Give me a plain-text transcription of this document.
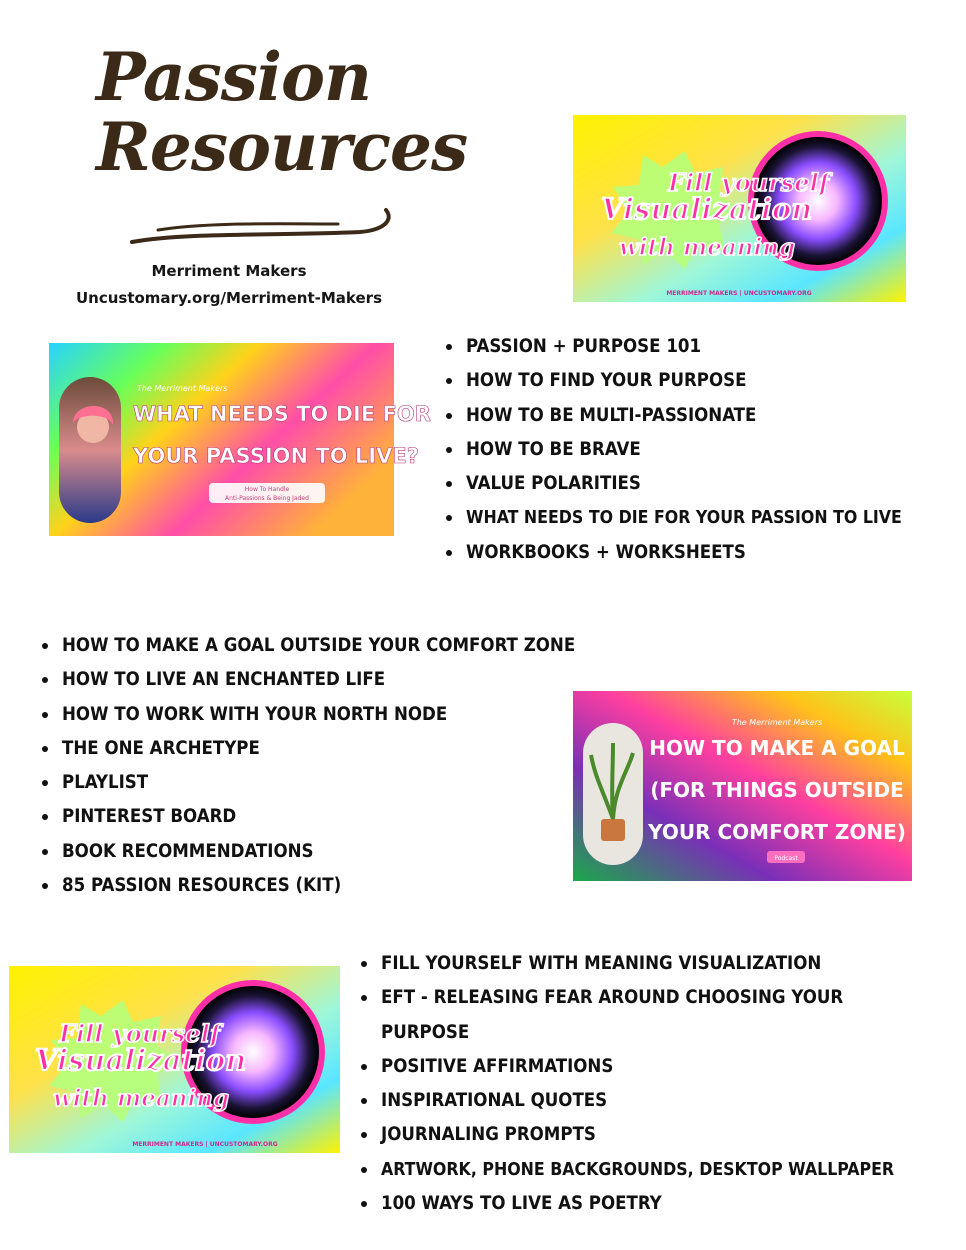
Passion
Resources
Merriment Makers
Uncustomary.org/Merriment-Makers
Fill yourself
Visualization
with meaning
MERRIMENT MAKERS | UNCUSTOMARY.ORG
The Merriment Makers
WHAT NEEDS TO DIE FOR
YOUR PASSION TO LIVE?
How To Handle
Anti-Passions & Being Jaded
The Merriment Makers
HOW TO MAKE A GOAL
(FOR THINGS OUTSIDE
YOUR COMFORT ZONE)
Podcast
Fill yourself
Visualization
with meaning
MERRIMENT MAKERS | UNCUSTOMARY.ORG
PASSION + PURPOSE 101
HOW TO FIND YOUR PURPOSE
HOW TO BE MULTI-PASSIONATE
HOW TO BE BRAVE
VALUE POLARITIES
WHAT NEEDS TO DIE FOR YOUR PASSION TO LIVE
WORKBOOKS + WORKSHEETS
HOW TO MAKE A GOAL OUTSIDE YOUR COMFORT ZONE
HOW TO LIVE AN ENCHANTED LIFE
HOW TO WORK WITH YOUR NORTH NODE
THE ONE ARCHETYPE
PLAYLIST
PINTEREST BOARD
BOOK RECOMMENDATIONS
85 PASSION RESOURCES (KIT)
FILL YOURSELF WITH MEANING VISUALIZATION
EFT - RELEASING FEAR AROUND CHOOSING YOUR PURPOSE
POSITIVE AFFIRMATIONS
INSPIRATIONAL QUOTES
JOURNALING PROMPTS
ARTWORK, PHONE BACKGROUNDS, DESKTOP WALLPAPER
100 WAYS TO LIVE AS POETRY
